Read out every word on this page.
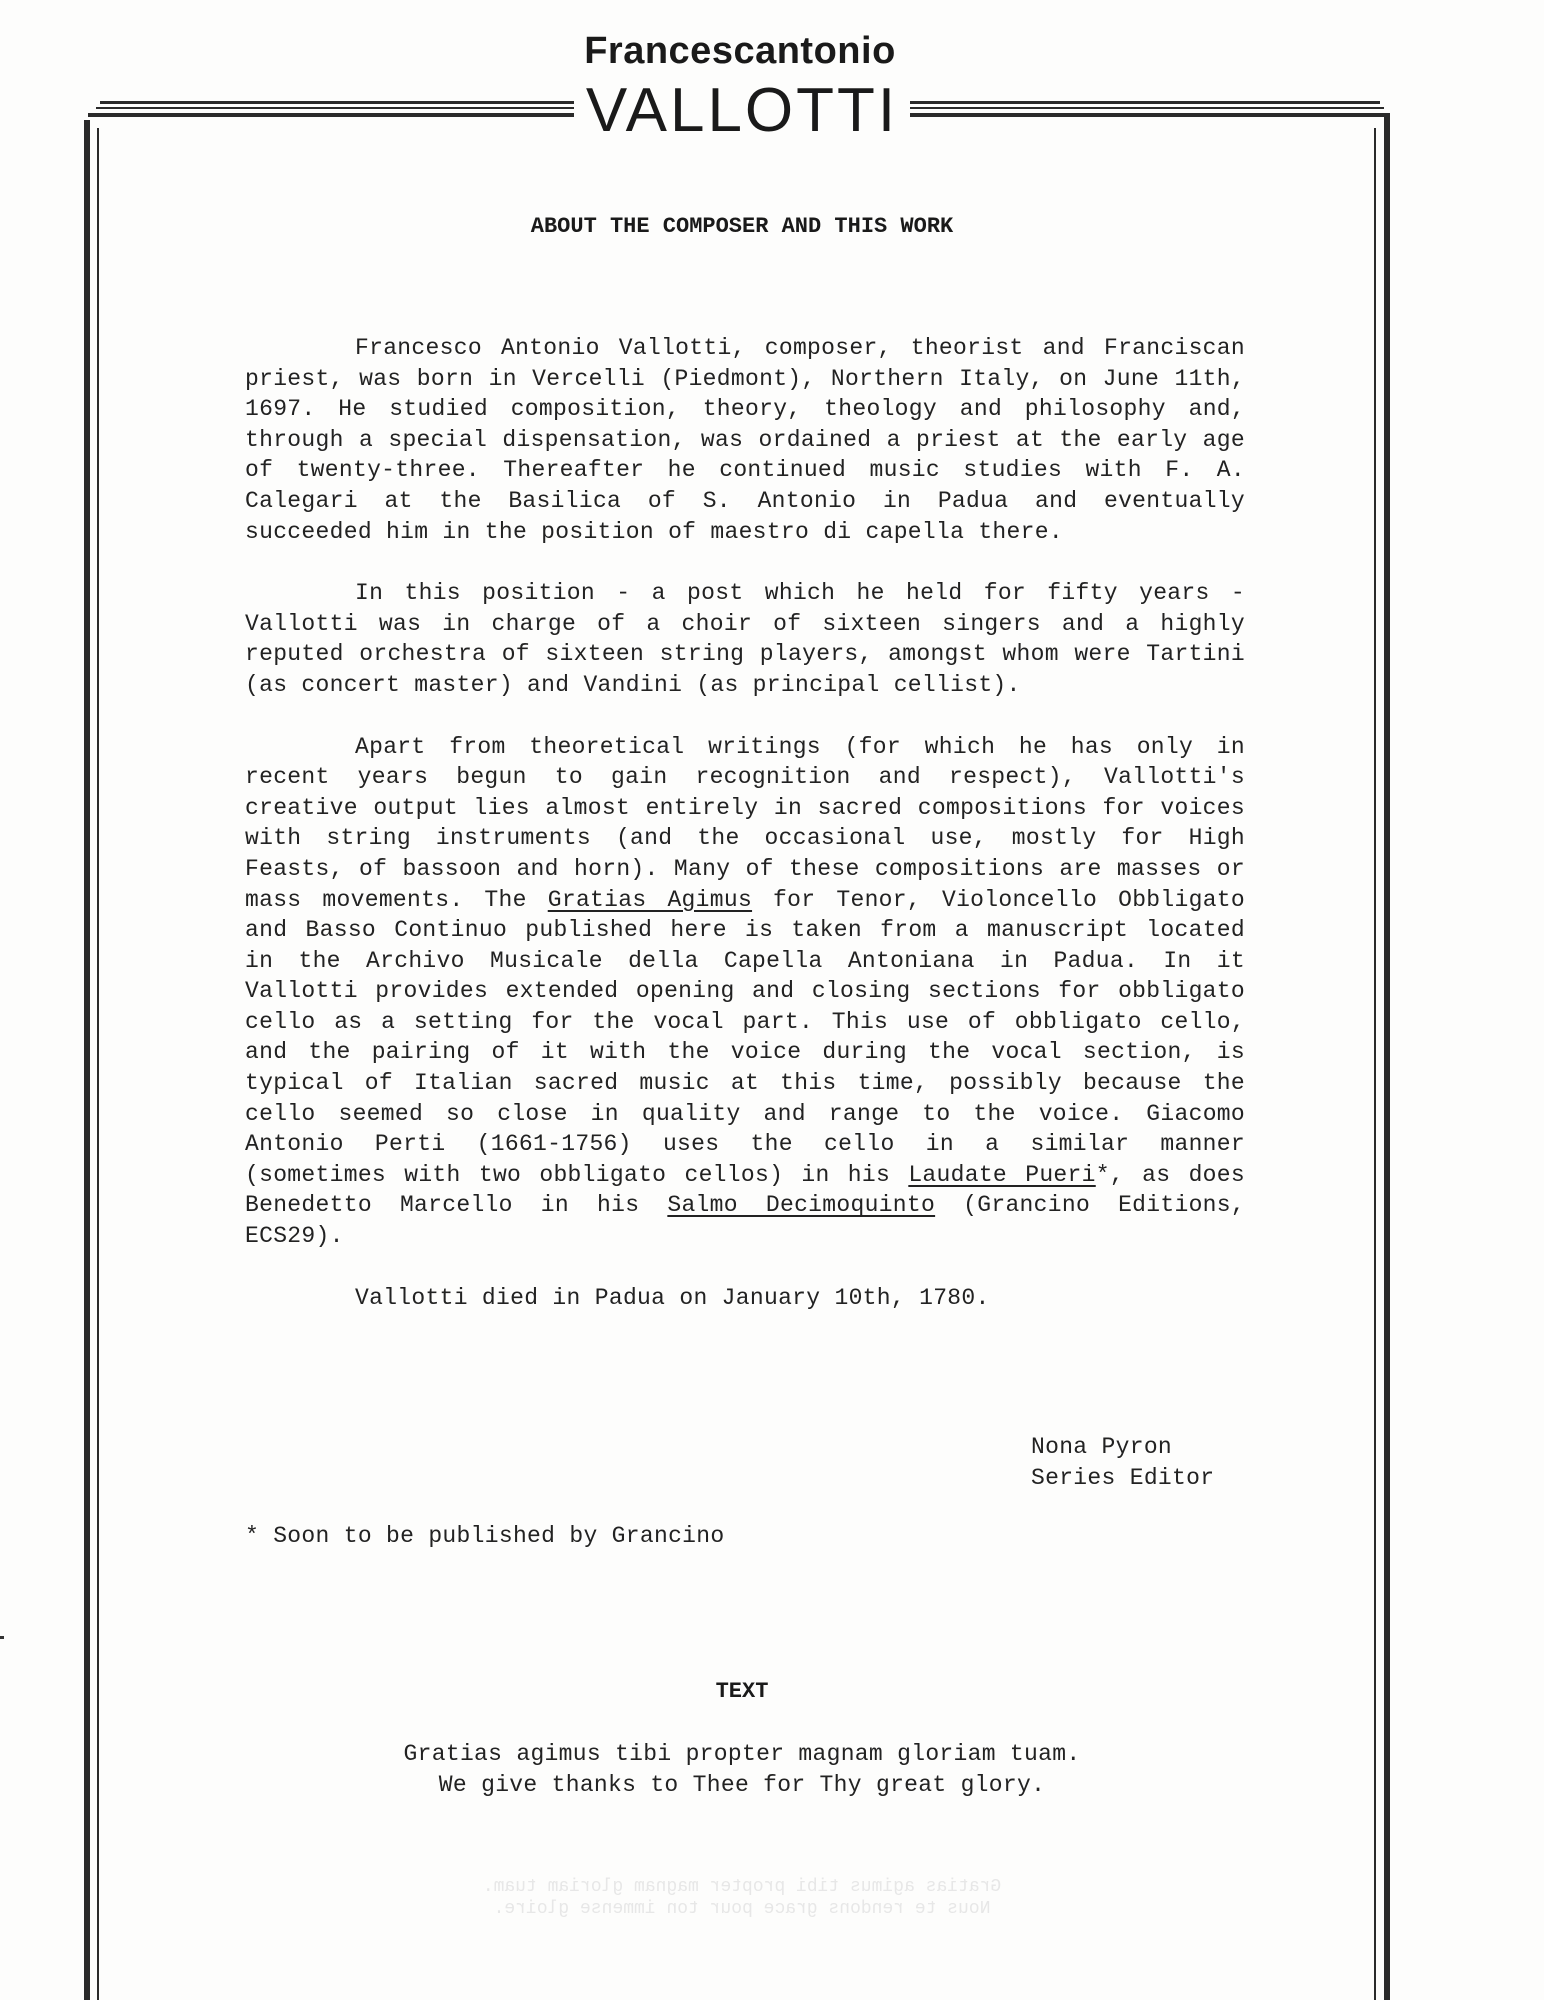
Francescantonio
VALLOTTI
ABOUT THE COMPOSER AND THIS WORK

Francesco Antonio Vallotti, composer, theorist and Franciscan priest, was born in Vercelli (Piedmont), Northern Italy, on June 11th, 1697. He studied composition, theory, theology and philosophy and, through a special dispensation, was ordained a priest at the early age of twenty-three. Thereafter he continued music studies with F. A. Calegari at the Basilica of S. Antonio in Padua and eventually succeeded him in the position of maestro di capella there.

In this position - a post which he held for fifty years - Vallotti was in charge of a choir of sixteen singers and a highly reputed orchestra of sixteen string players, amongst whom were Tartini (as concert master) and Vandini (as principal cellist).

Apart from theoretical writings (for which he has only in recent years begun to gain recognition and respect), Vallotti's creative output lies almost entirely in sacred compositions for voices with string instruments (and the occasional use, mostly for High Feasts, of bassoon and horn). Many of these compositions are masses or mass movements. The Gratias Agimus for Tenor, Violoncello Obbligato and Basso Continuo published here is taken from a manuscript located in the Archivo Musicale della Capella Antoniana in Padua. In it Vallotti provides extended opening and closing sections for obbligato cello as a setting for the vocal part. This use of obbligato cello, and the pairing of it with the voice during the vocal section, is typical of Italian sacred music at this time, possibly because the cello seemed so close in quality and range to the voice. Giacomo Antonio Perti (1661-1756) uses the cello in a similar manner (sometimes with two obbligato cellos) in his Laudate Pueri*, as does Benedetto Marcello in his Salmo Decimoquinto (Grancino Editions, ECS29).

Vallotti died in Padua on January 10th, 1780.

Nona Pyron
Series Editor
* Soon to be published by Grancino
TEXT
Gratias agimus tibi propter magnam gloriam tuam.
We give thanks to Thee for Thy great glory.
Gratias agimus tibi propter magnam gloriam tuam.
Nous te rendons grace pour ton immense gloire.
